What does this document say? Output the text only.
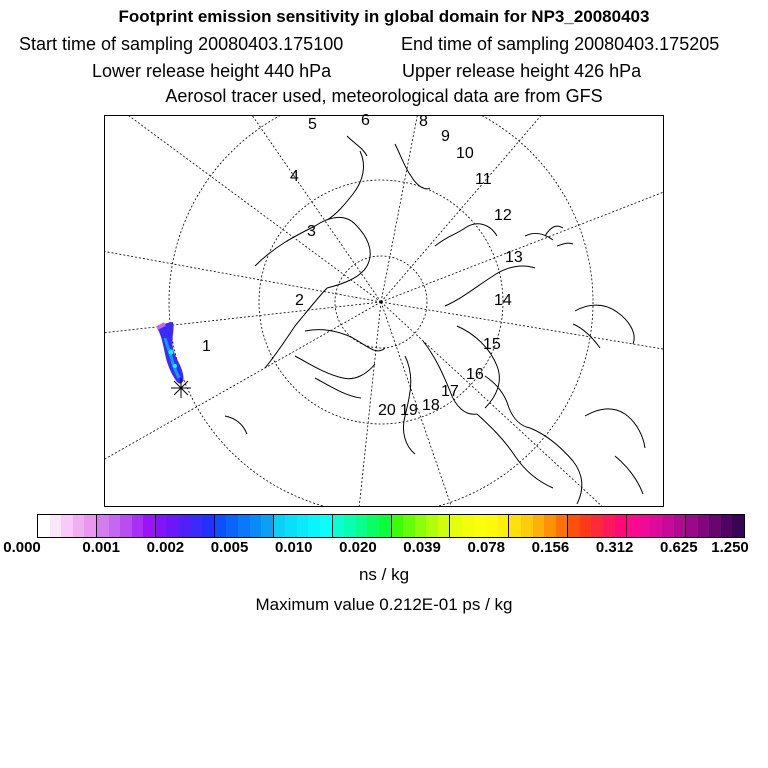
Footprint emission sensitivity in global domain for NP3_20080403
Start time of sampling 20080403.175100	End time of sampling 20080403.175205
Lower release height 440 hPa	Upper release height 426 hPa
Aerosol tracer used, meteorological data are from GFS
1
2
3
4
5	6	8
9
10
11
12
13
14
15
16
17
18
19
20
0.000	0.001 0.002 0.005 0.010 0.020 0.039 0.078 0.156 0.312 0.625 1.250
ns / kg
Maximum value 0.212E-01 ps / kg
